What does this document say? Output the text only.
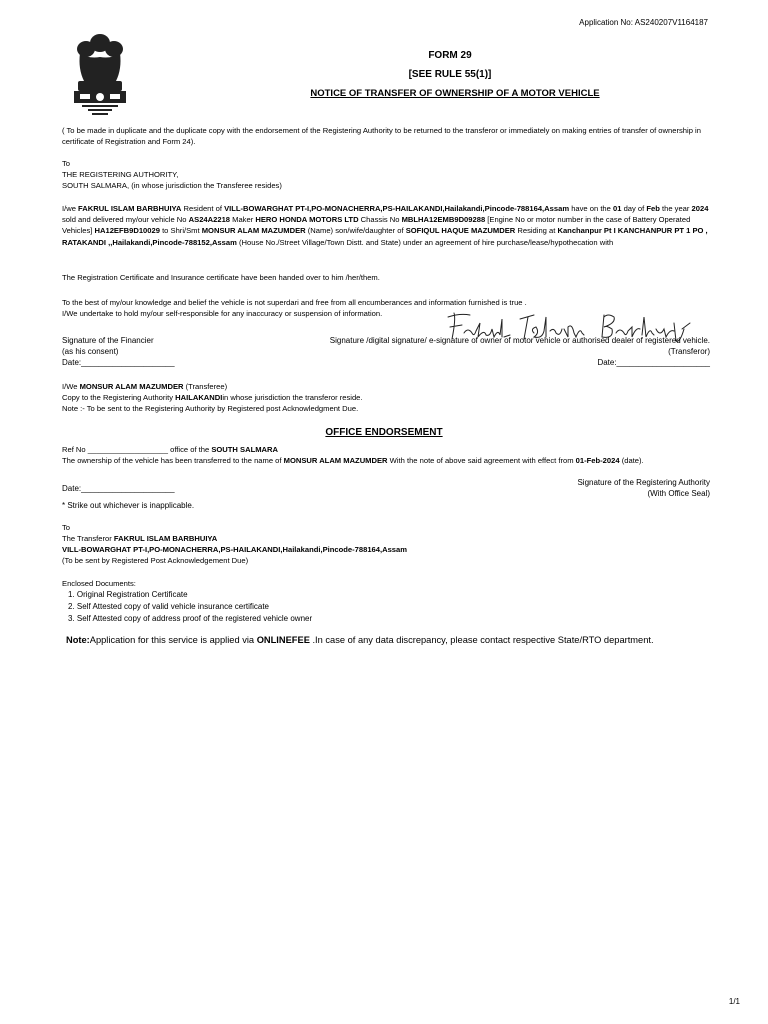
Application No: AS240207V1164187
FORM 29
[SEE RULE 55(1)]
NOTICE OF TRANSFER OF OWNERSHIP OF A MOTOR VEHICLE
( To be made in duplicate and the duplicate copy with the endorsement of the Registering Authority to be returned to the transferor or immediately on making entries of transfer of ownership in certificate of Registration and Form 24).
To
THE REGISTERING AUTHORITY,
SOUTH SALMARA, (in whose jurisdiction the Transferee resides)
I/we FAKRUL ISLAM BARBHUIYA Resident of VILL-BOWARGHAT PT-I,PO-MONACHERRA,PS-HAILAKANDI,Hailakandi,Pincode-788164,Assam have on the 01 day of Feb the year 2024 sold and delivered my/our vehicle No AS24A2218 Maker HERO HONDA MOTORS LTD Chassis No MBLHA12EMB9D09288 [Engine No or motor number in the case of Battery Operated Vehicles] HA12EFB9D10029 to Shri/Smt MONSUR ALAM MAZUMDER (Name) son/wife/daughter of SOFIQUL HAQUE MAZUMDER Residing at Kanchanpur Pt I KANCHANPUR PT 1 PO , RATAKANDI ,,Hailakandi,Pincode-788152,Assam (House No./Street Village/Town Distt. and State) under an agreement of hire purchase/lease/hypothecation with
The Registration Certificate and Insurance certificate have been handed over to him /her/them.
To the best of my/our knowledge and belief the vehicle is not superdari and free from all encumberances and information furnished is true .
I/We undertake to hold my/our self-responsible for any inaccuracy or suspension of information.
Signature of the Financier
(as his consent)
Date:_____________________
Signature /digital signature/ e-signature of owner of motor vehicle or authorised dealer of registered vehicle.
(Transferor)
Date:_____________________
I/We MONSUR ALAM MAZUMDER (Transferee)
Copy to the Registering Authority HAILAKANDIin whose jurisdiction the transferor reside.
Note :- To be sent to the Registering Authority by Registered post Acknowledgment Due.
OFFICE ENDORSEMENT
Ref No ___________________ office of the SOUTH SALMARA
The ownership of the vehicle has been transferred to the name of MONSUR ALAM MAZUMDER With the note of above said agreement with effect from 01-Feb-2024 (date).
Signature of the Registering Authority
(With Office Seal)
Date:_____________________
* Strike out whichever is inapplicable.
To
The Transferor FAKRUL ISLAM BARBHUIYA
VILL-BOWARGHAT PT-I,PO-MONACHERRA,PS-HAILAKANDI,Hailakandi,Pincode-788164,Assam
(To be sent by Registered Post Acknowledgement Due)
Enclosed Documents:
1. Original Registration Certificate
2. Self Attested copy of valid vehicle insurance certificate
3. Self Attested copy of address proof of the registered vehicle owner
Note:Application for this service is applied via ONLINEFEE .In case of any data discrepancy, please contact respective State/RTO department.
1/1
